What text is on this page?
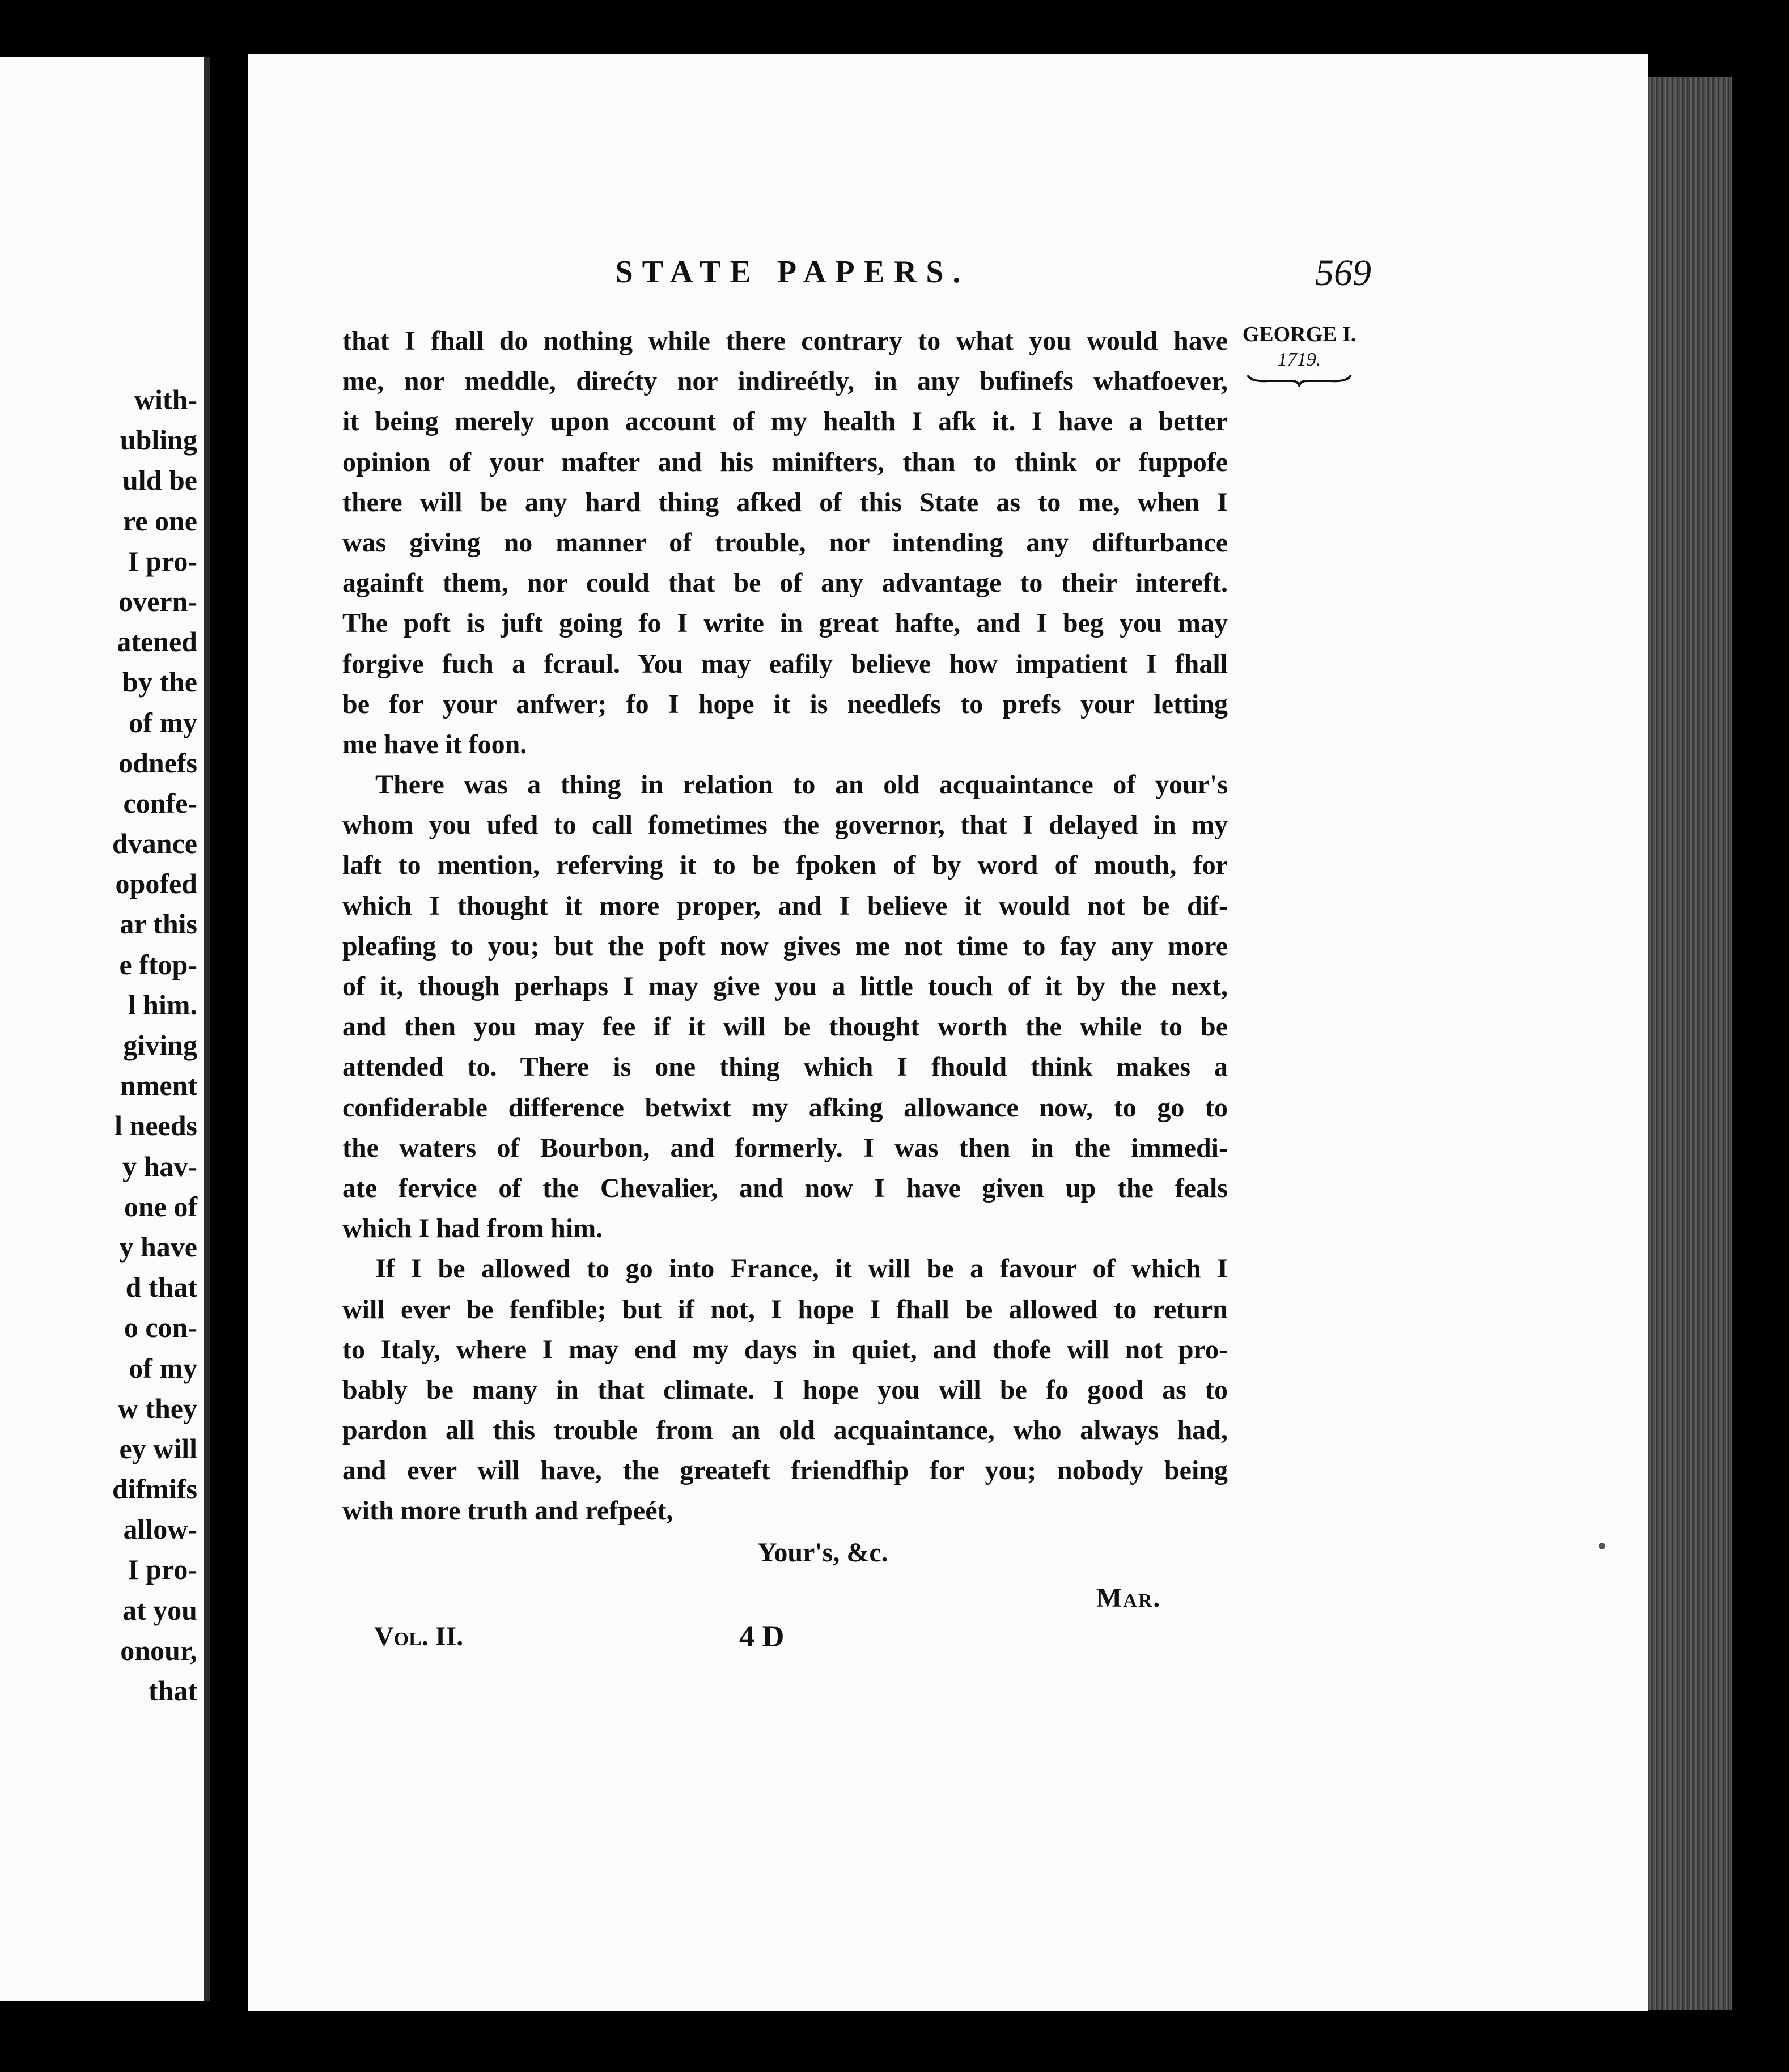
with-
ubling
uld be
re one
I pro-
overn-
atened
by the
of my
odnefs
confe-
dvance
opofed
ar this
e ftop-
l him.
giving
nment
l needs
y hav-
one of
y have
d that
o con-
of my
w they
ey will
difmifs
allow-
I pro-
at you
onour,
that
STATE PAPERS.	569
GEORGE I.
1719.
that I fhall do nothing while there contrary to what you would have
me, nor meddle, direćty nor indireétly, in any bufinefs whatfoever,
it being merely upon account of my health I afk it. I have a better
opinion of your mafter and his minifters, than to think or fuppofe
there will be any hard thing afked of this State as to me, when I
was giving no manner of trouble, nor intending any difturbance
againft them, nor could that be of any advantage to their intereft.
The poft is juft going fo I write in great hafte, and I beg you may
forgive fuch a fcraul. You may eafily believe how impatient I fhall
be for your anfwer; fo I hope it is needlefs to prefs your letting
me have it foon.
There was a thing in relation to an old acquaintance of your's
whom you ufed to call fometimes the governor, that I delayed in my
laft to mention, referving it to be fpoken of by word of mouth, for
which I thought it more proper, and I believe it would not be dif-
pleafing to you; but the poft now gives me not time to fay any more
of it, though perhaps I may give you a little touch of it by the next,
and then you may fee if it will be thought worth the while to be
attended to. There is one thing which I fhould think makes a
confiderable difference betwixt my afking allowance now, to go to
the waters of Bourbon, and formerly. I was then in the immedi-
ate fervice of the Chevalier, and now I have given up the feals
which I had from him.
If I be allowed to go into France, it will be a favour of which I
will ever be fenfible; but if not, I hope I fhall be allowed to return
to Italy, where I may end my days in quiet, and thofe will not pro-
bably be many in that climate. I hope you will be fo good as to
pardon all this trouble from an old acquaintance, who always had,
and ever will have, the greateft friendfhip for you; nobody being
with more truth and refpeét,
Your's, &c.
Mar.
Vol. II.	4 D
